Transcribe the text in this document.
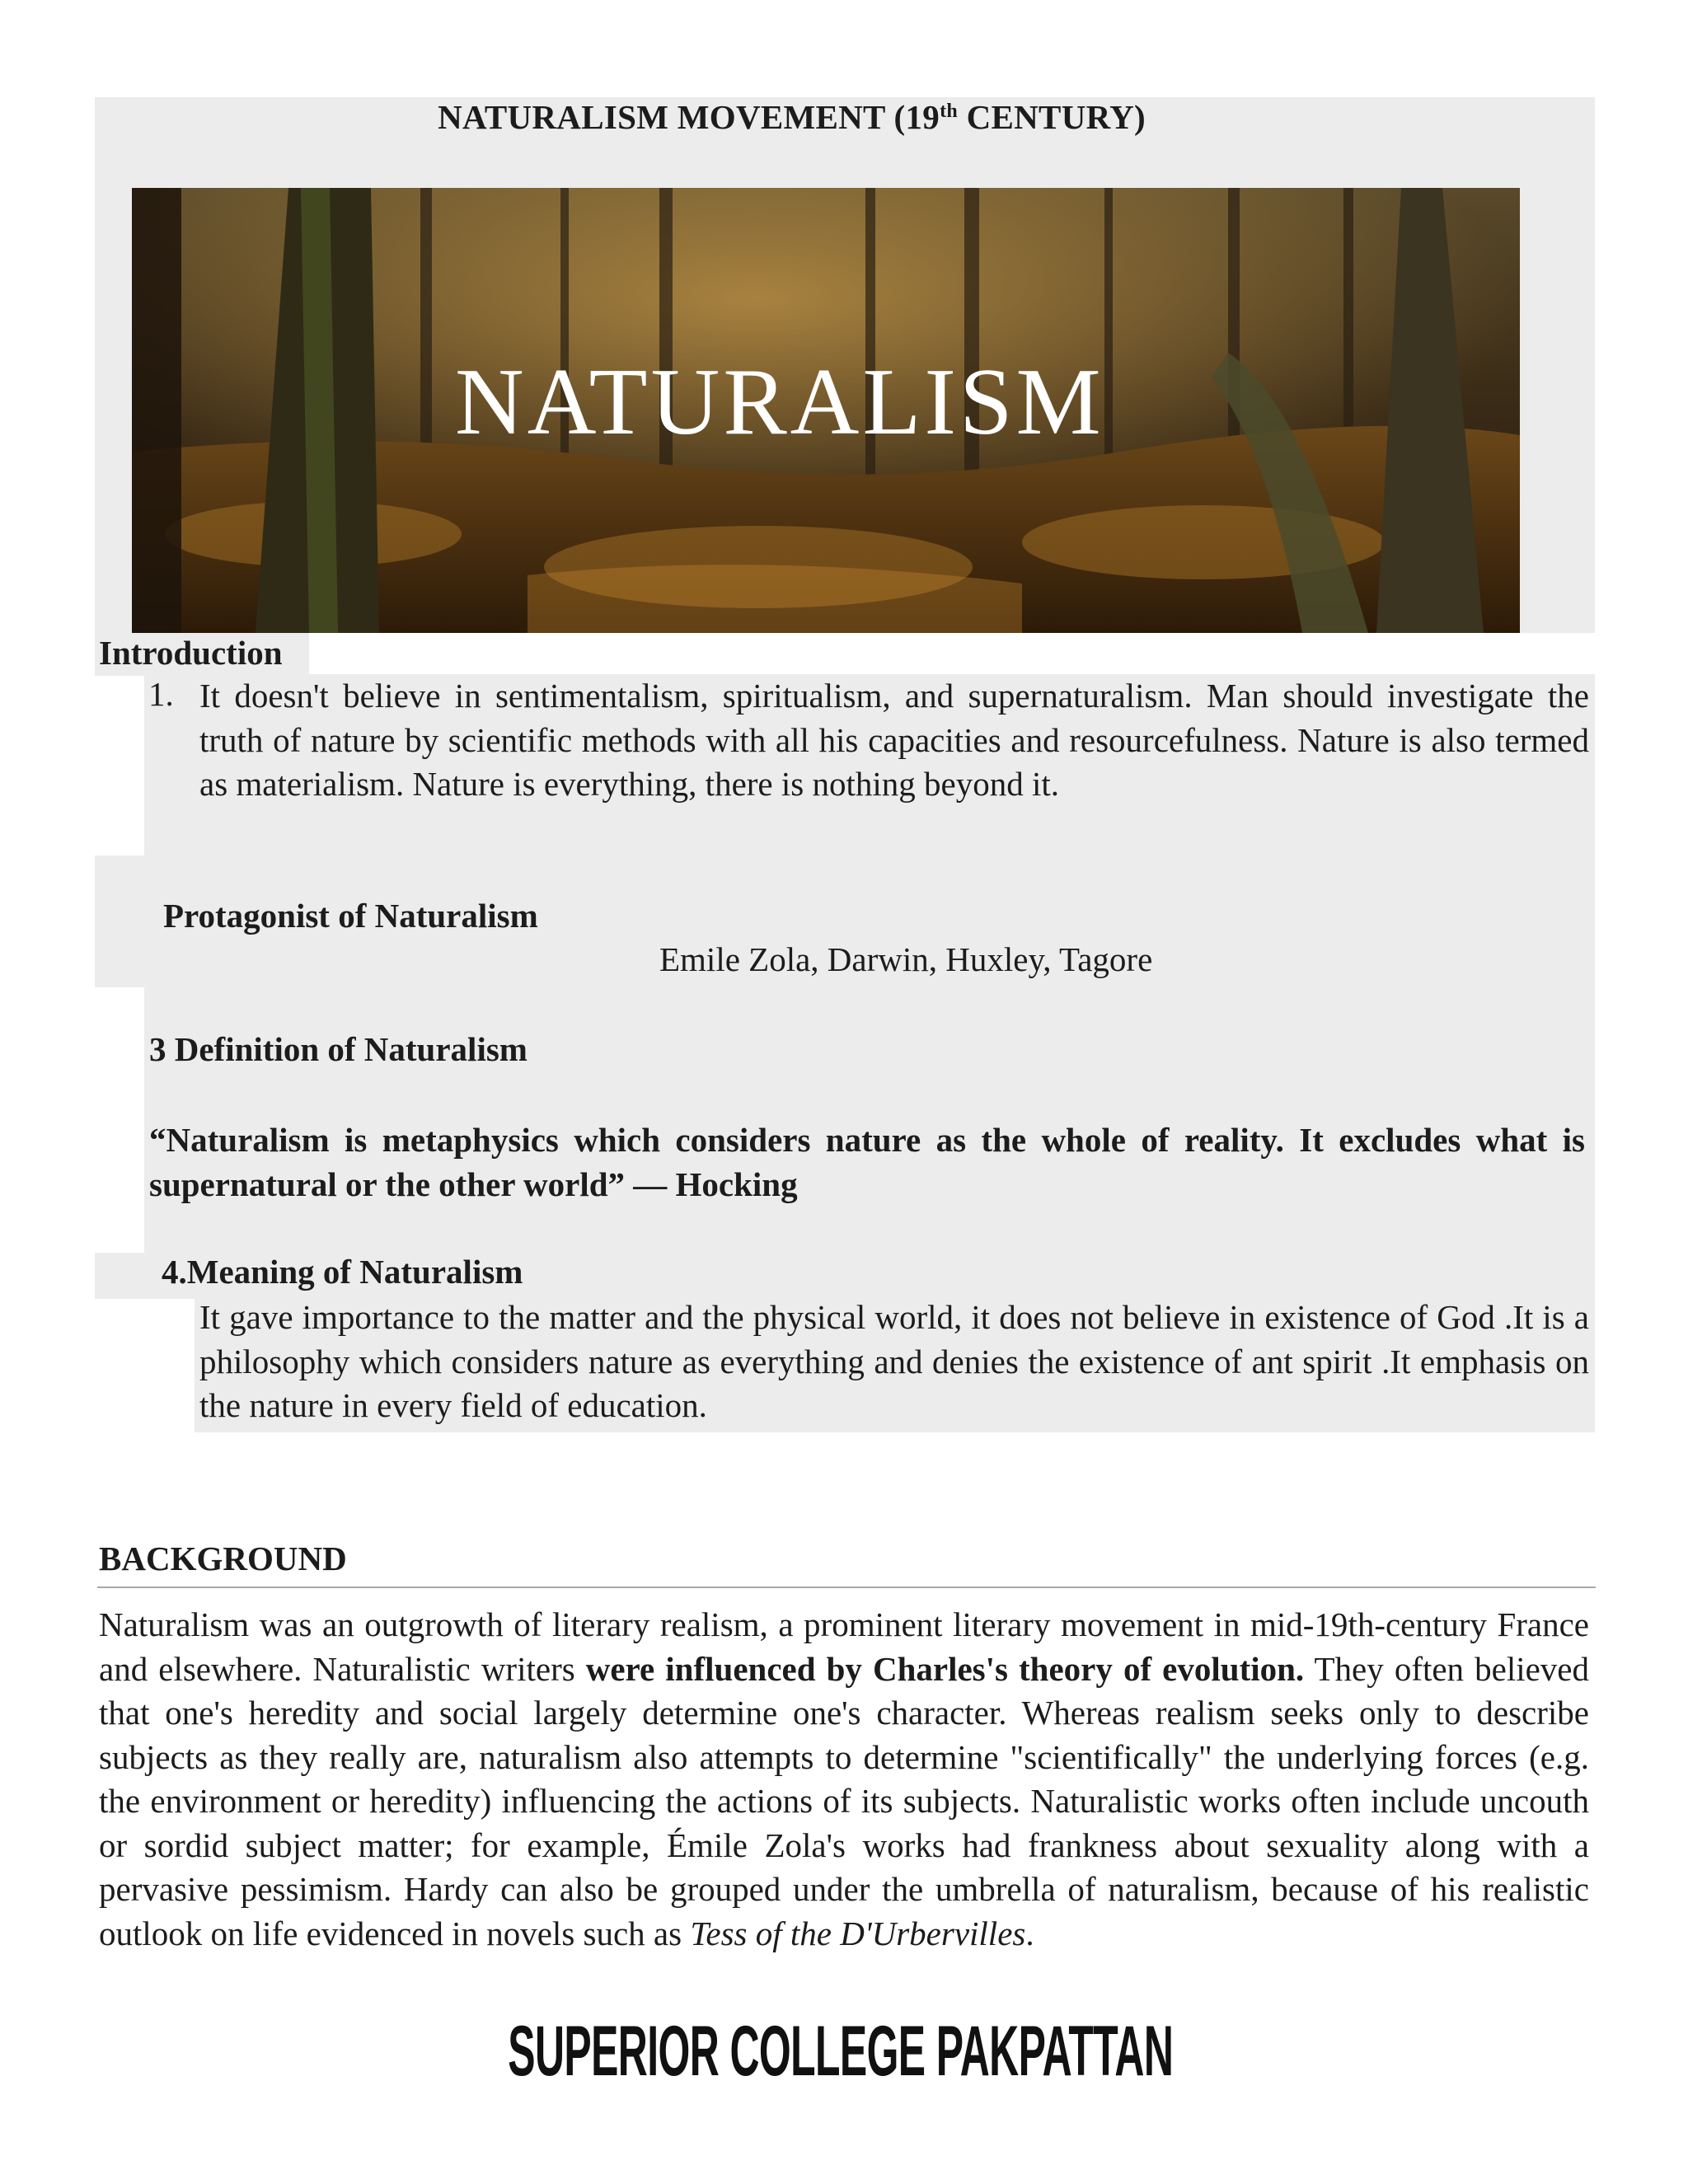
NATURALISM MOVEMENT (19th CENTURY)
NATURALISM
Introduction
1. It doesn't believe in sentimentalism, spiritualism, and supernaturalism. Man should investigate the truth of nature by scientific methods with all his capacities and resourcefulness. Nature is also termed as materialism. Nature is everything, there is nothing beyond it.
Protagonist of Naturalism
Emile Zola, Darwin, Huxley, Tagore
3 Definition of Naturalism
“Naturalism is metaphysics which considers nature as the whole of reality. It excludes what is supernatural or the other world” — Hocking
4.Meaning of Naturalism
It gave importance to the matter and the physical world, it does not believe in existence of God .It is a philosophy which considers nature as everything and denies the existence of ant spirit .It emphasis on the nature in every field of education.
BACKGROUND
Naturalism was an outgrowth of literary realism, a prominent literary movement in mid-19th-century France and elsewhere. Naturalistic writers were influenced by Charles's theory of evolution. They often believed that one's heredity and social largely determine one's character. Whereas realism seeks only to describe subjects as they really are, naturalism also attempts to determine "scientifically" the underlying forces (e.g. the environment or heredity) influencing the actions of its subjects. Naturalistic works often include uncouth or sordid subject matter; for example, Émile Zola's works had frankness about sexuality along with a pervasive pessimism. Hardy can also be grouped under the umbrella of naturalism, because of his realistic outlook on life evidenced in novels such as Tess of the D'Urbervilles.
SUPERIOR COLLEGE PAKPATTAN
